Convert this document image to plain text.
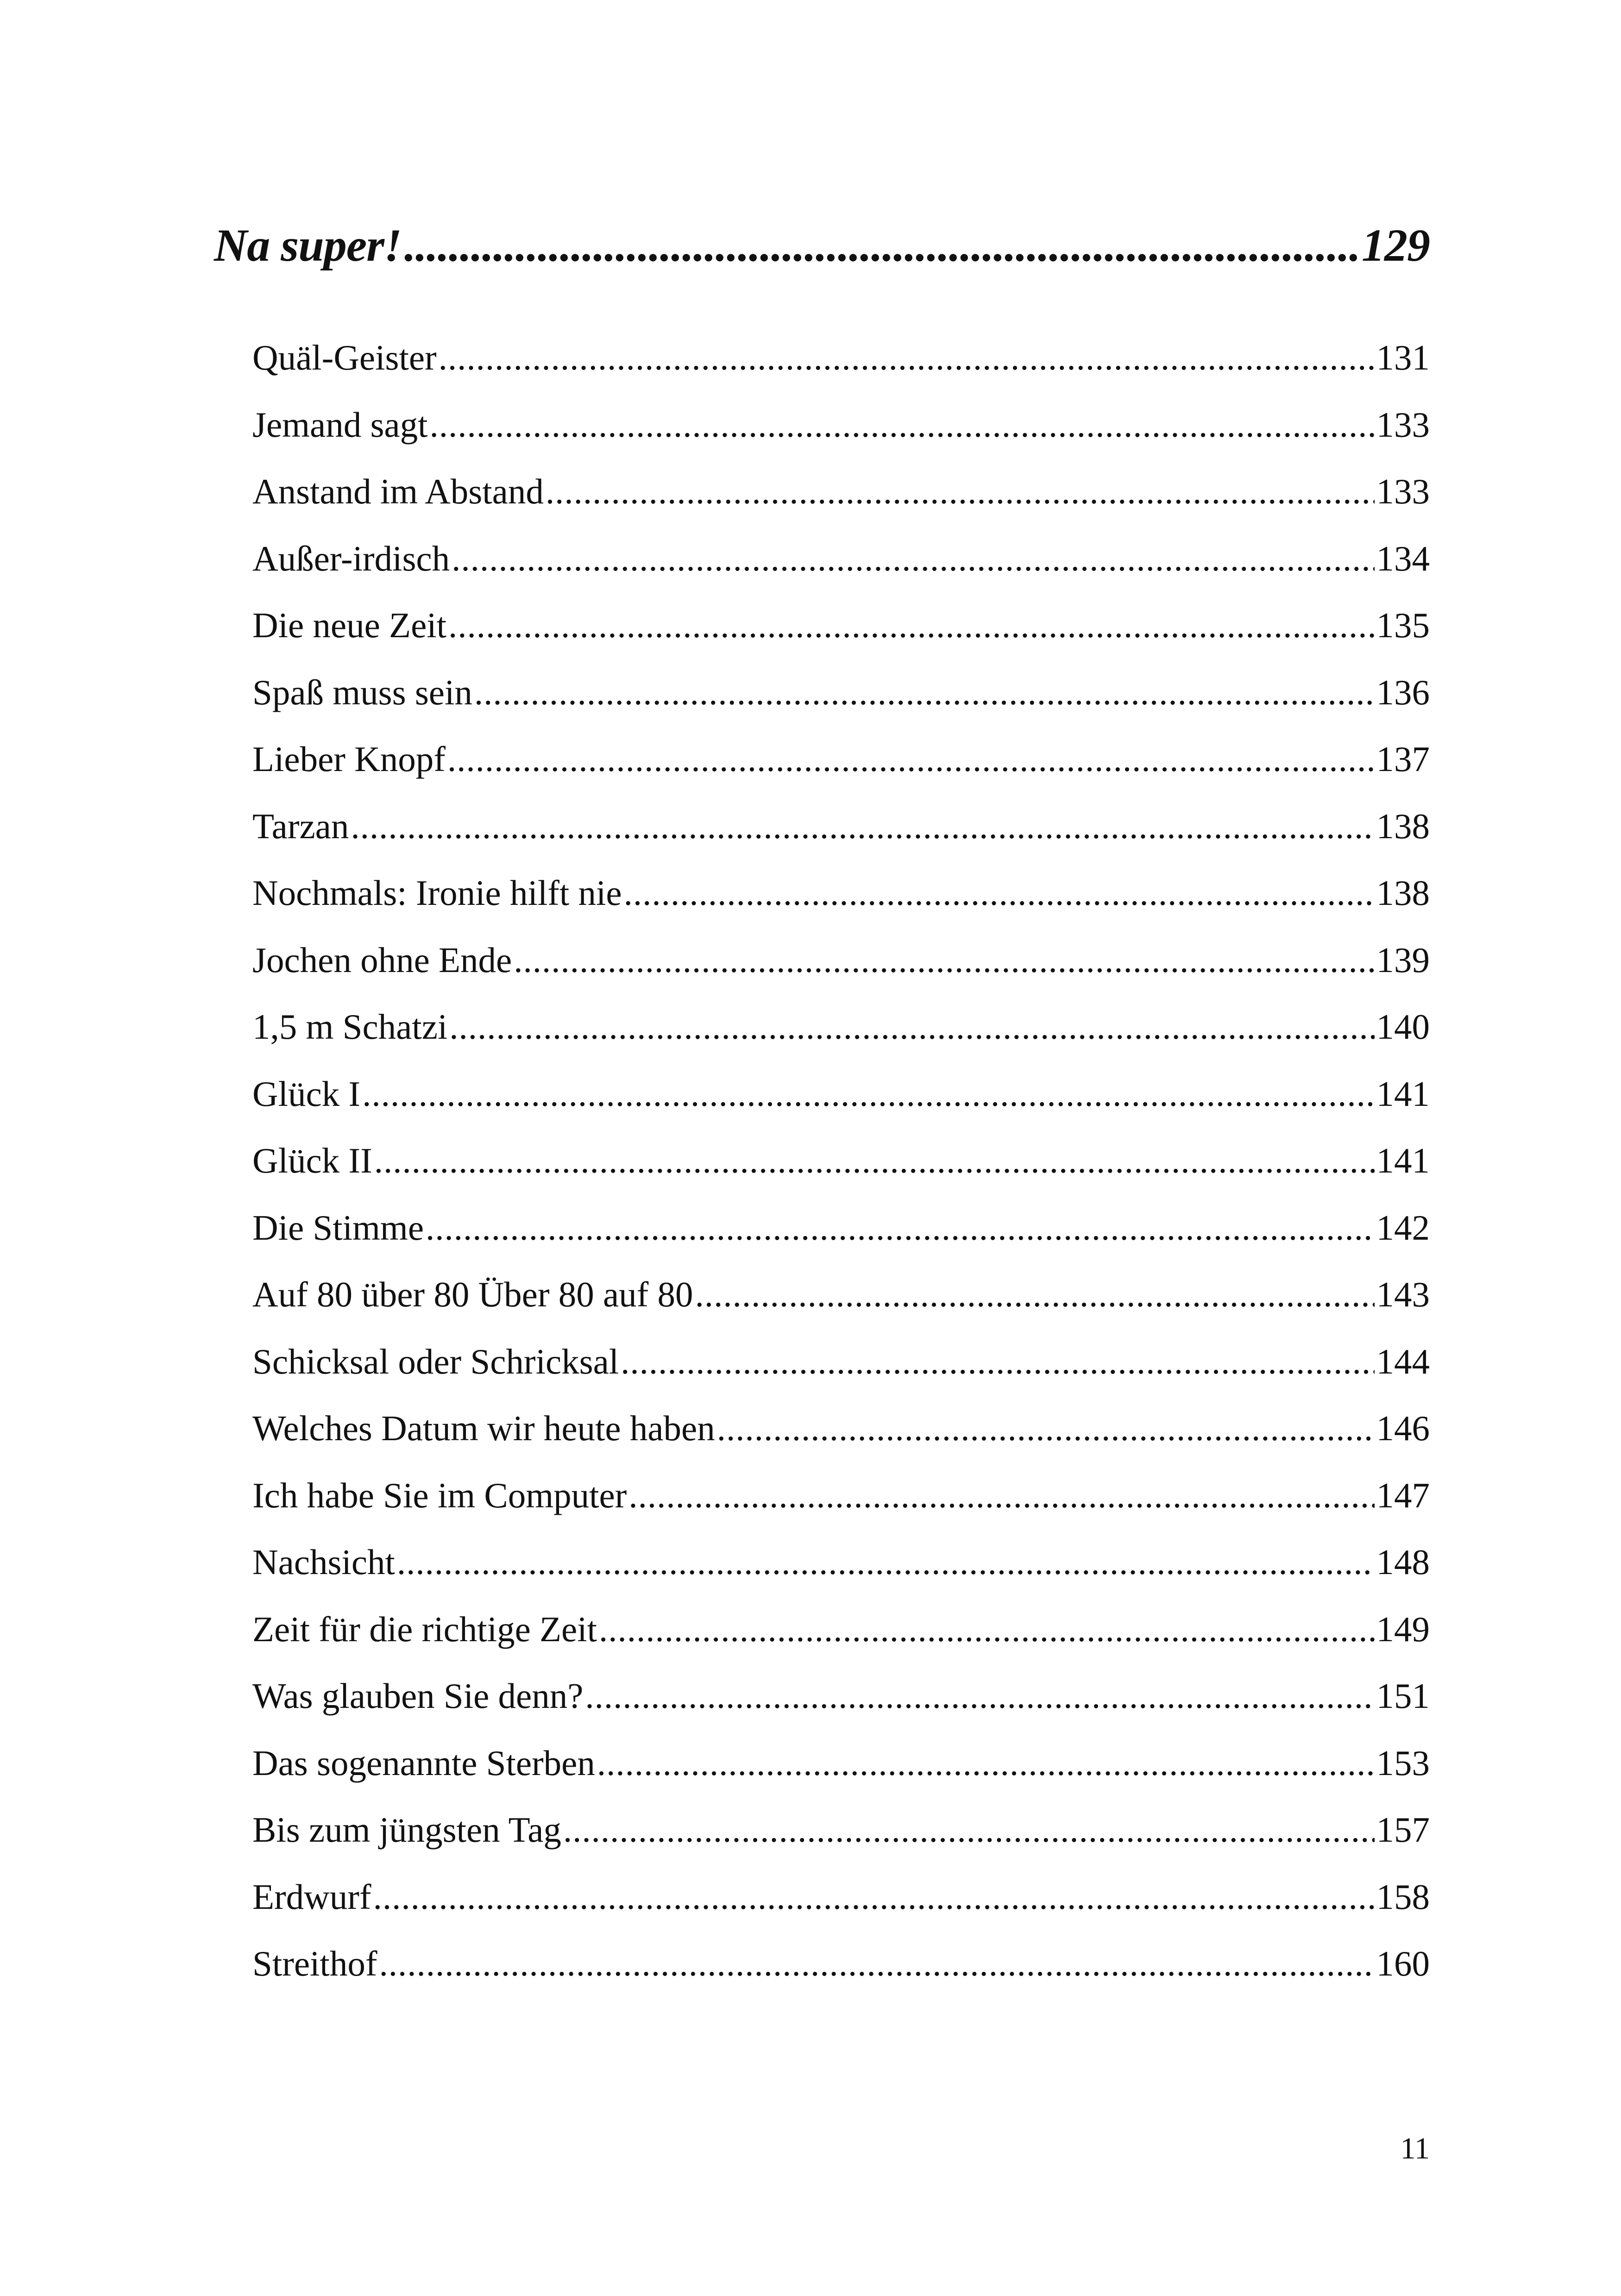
Na super! .....	129
Quäl-Geister .....	131
Jemand sagt .....	133
Anstand im Abstand .....	133
Außer-irdisch .....	134
Die neue Zeit .....	135
Spaß muss sein .....	136
Lieber Knopf .....	137
Tarzan .....	138
Nochmals: Ironie hilft nie .....	138
Jochen ohne Ende .....	139
1,5 m Schatzi .....	140
Glück I .....	141
Glück II .....	141
Die Stimme .....	142
Auf 80 über 80 Über 80 auf 80 .....	143
Schicksal oder Schricksal .....	144
Welches Datum wir heute haben .....	146
Ich habe Sie im Computer .....	147
Nachsicht .....	148
Zeit für die richtige Zeit .....	149
Was glauben Sie denn? .....	151
Das sogenannte Sterben .....	153
Bis zum jüngsten Tag .....	157
Erdwurf .....	158
Streithof .....	160
11
